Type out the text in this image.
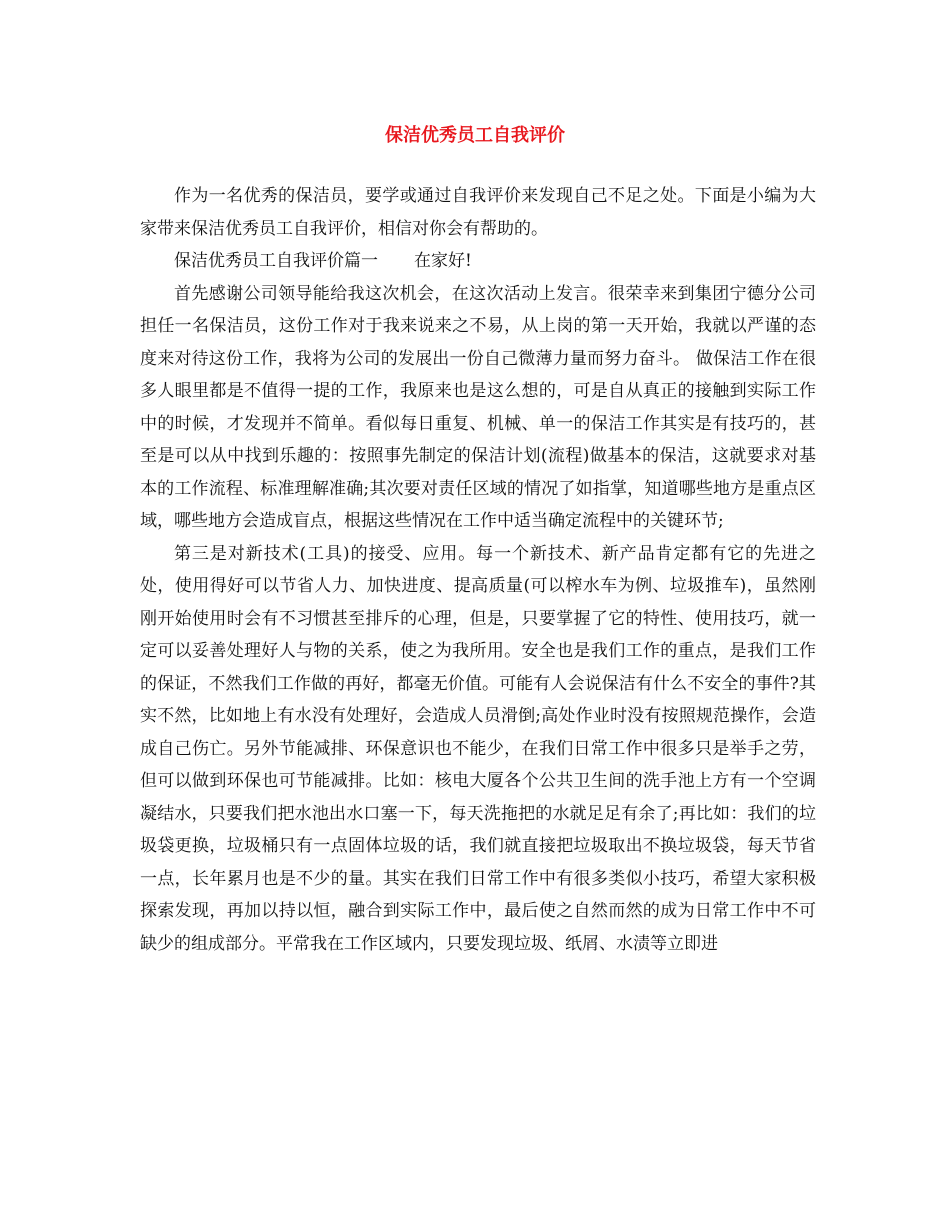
保洁优秀员工自我评价

作为一名优秀的保洁员，要学或通过自我评价来发现自己不足之处。下面是小编为大家带来保洁优秀员工自我评价，相信对你会有帮助的。

保洁优秀员工自我评价篇一 在家好!

首先感谢公司领导能给我这次机会，在这次活动上发言。很荣幸来到集团宁德分公司担任一名保洁员，这份工作对于我来说来之不易，从上岗的第一天开始，我就以严谨的态度来对待这份工作，我将为公司的发展出一份自己微薄力量而努力奋斗。 做保洁工作在很多人眼里都是不值得一提的工作，我原来也是这么想的，可是自从真正的接触到实际工作中的时候，才发现并不简单。看似每日重复、机械、单一的保洁工作其实是有技巧的，甚至是可以从中找到乐趣的：按照事先制定的保洁计划(流程)做基本的保洁，这就要求对基本的工作流程、标准理解准确;其次要对责任区域的情况了如指掌，知道哪些地方是重点区域，哪些地方会造成盲点，根据这些情况在工作中适当确定流程中的关键环节;

第三是对新技术(工具)的接受、应用。每一个新技术、新产品肯定都有它的先进之处，使用得好可以节省人力、加快进度、提高质量(可以榨水车为例、垃圾推车)，虽然刚刚开始使用时会有不习惯甚至排斥的心理，但是，只要掌握了它的特性、使用技巧，就一定可以妥善处理好人与物的关系，使之为我所用。安全也是我们工作的重点，是我们工作的保证，不然我们工作做的再好，都毫无价值。可能有人会说保洁有什么不安全的事件?其实不然，比如地上有水没有处理好，会造成人员滑倒;高处作业时没有按照规范操作，会造成自己伤亡。另外节能减排、环保意识也不能少，在我们日常工作中很多只是举手之劳，但可以做到环保也可节能减排。比如：核电大厦各个公共卫生间的洗手池上方有一个空调凝结水，只要我们把水池出水口塞一下，每天洗拖把的水就足足有余了;再比如：我们的垃圾袋更换，垃圾桶只有一点固体垃圾的话，我们就直接把垃圾取出不换垃圾袋，每天节省一点，长年累月也是不少的量。其实在我们日常工作中有很多类似小技巧，希望大家积极探索发现，再加以持以恒，融合到实际工作中，最后使之自然而然的成为日常工作中不可缺少的组成部分。平常我在工作区域内，只要发现垃圾、纸屑、水渍等立即进
